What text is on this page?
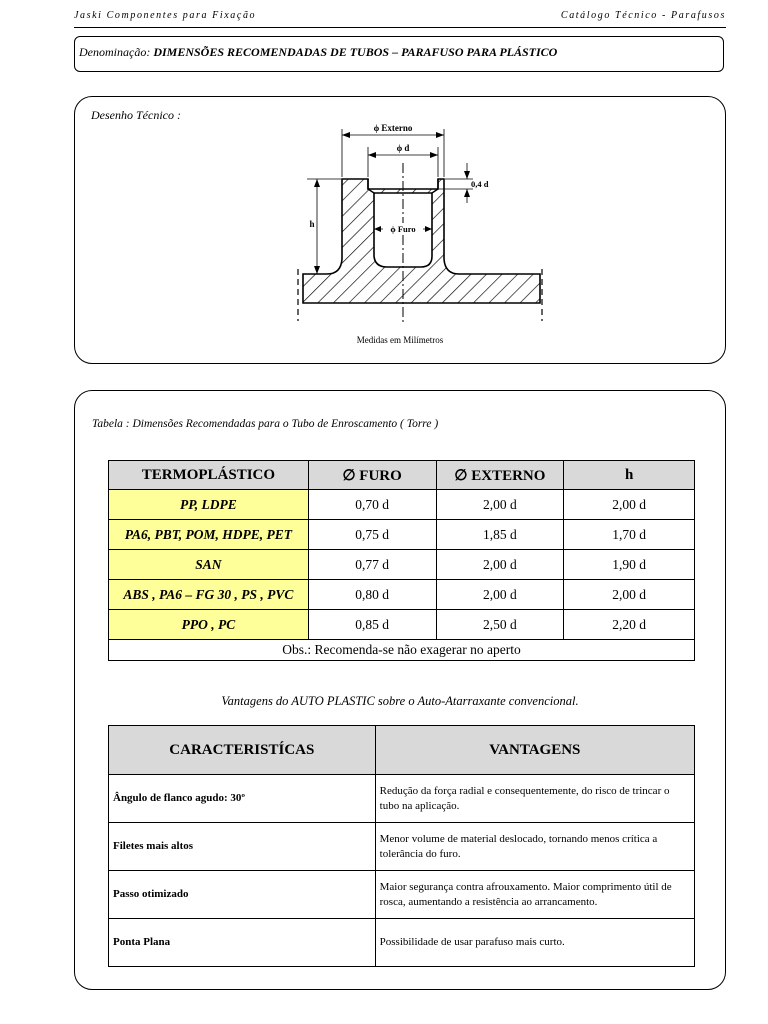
Jaski Componentes para Fixação	Catálogo Técnico - Parafusos
Denominação: DIMENSÕES RECOMENDADAS DE TUBOS – PARAFUSO PARA PLÁSTICO
Desenho Técnico :
ϕ Externo
ϕ d
0,4 d
h	ϕ Furo
Medidas em Milímetros
Tabela : Dimensões Recomendadas para o Tubo de Enroscamento ( Torre )
TERMOPLÁSTICO	∅ FURO	∅ EXTERNO	h
PP, LDPE	0,70 d	2,00 d	2,00 d
PA6, PBT, POM, HDPE, PET	0,75 d	1,85 d	1,70 d
SAN	0,77 d	2,00 d	1,90 d
ABS , PA6 – FG 30 , PS , PVC	0,80 d	2,00 d	2,00 d
PPO , PC	0,85 d	2,50 d	2,20 d
Obs.: Recomenda-se não exagerar no aperto			
Vantagens do AUTO PLASTIC sobre o Auto-Atarraxante convencional.
CARACTERISTÍCAS	VANTAGENS
Ângulo de flanco agudo: 30º	Redução da força radial e consequentemente, do risco de trincar o tubo na aplicação.
Filetes mais altos	Menor volume de material deslocado, tornando menos crítica a tolerância do furo.
Passo otimizado	Maior segurança contra afrouxamento. Maior comprimento útil de rosca, aumentando a resistência ao arrancamento.
Ponta Plana	Possibilidade de usar parafuso mais curto.
